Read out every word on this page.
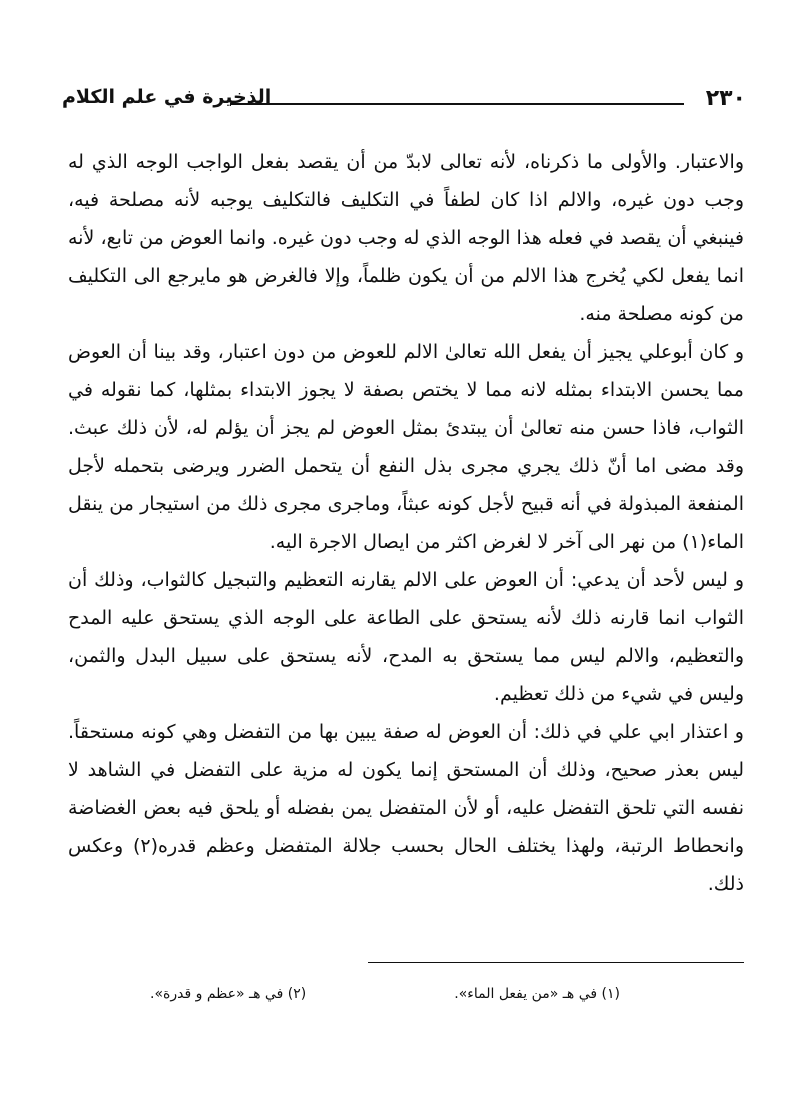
٢٣٠
الذخيرة في علم الكلام

والاعتبار. والأولى ما ذكرناه، لأنه تعالى لابدّ من أن يقصد بفعل الواجب الوجه الذي له وجب دون غيره، والالم اذا كان لطفاً في التكليف فالتكليف يوجبه لأنه مصلحة فيه، فينبغي أن يقصد في فعله هذا الوجه الذي له وجب دون غيره. وانما العوض من تابع، لأنه انما يفعل لكي يُخرج هذا الالم من أن يكون ظلماً، وإلا فالغرض هو مايرجع الى التكليف من كونه مصلحة منه.

و كان أبوعلي يجيز أن يفعل الله تعالىٰ الالم للعوض من دون اعتبار، وقد بينا أن العوض مما يحسن الابتداء بمثله لانه مما لا يختص بصفة لا يجوز الابتداء بمثلها، كما نقوله في الثواب، فاذا حسن منه تعالىٰ أن يبتدئ بمثل العوض لم يجز أن يؤلم له، لأن ذلك عبث. وقد مضى اما أنّ ذلك يجري مجرى بذل النفع أن يتحمل الضرر ويرضى بتحمله لأجل المنفعة المبذولة في أنه قبيح لأجل كونه عبثاً، وماجرى مجرى ذلك من استيجار من ينقل الماء(١) من نهر الى آخر لا لغرض اكثر من ايصال الاجرة اليه.

و ليس لأحد أن يدعي: أن العوض على الالم يقارنه التعظيم والتبجيل كالثواب، وذلك أن الثواب انما قارنه ذلك لأنه يستحق على الطاعة على الوجه الذي يستحق عليه المدح والتعظيم، والالم ليس مما يستحق به المدح، لأنه يستحق على سبيل البدل والثمن، وليس في شيء من ذلك تعظيم.

و اعتذار ابي علي في ذلك: أن العوض له صفة يبين بها من التفضل وهي كونه مستحقاً. ليس بعذر صحيح، وذلك أن المستحق إنما يكون له مزية على التفضل في الشاهد لا نفسه التي تلحق التفضل عليه، أو لأن المتفضل يمن بفضله أو يلحق فيه بعض الغضاضة وانحطاط الرتبة، ولهذا يختلف الحال بحسب جلالة المتفضل وعظم قدره(٢) وعكس ذلك.

(١) في هـ «من يفعل الماء».
(٢) في هـ «عظم و قدرة».
